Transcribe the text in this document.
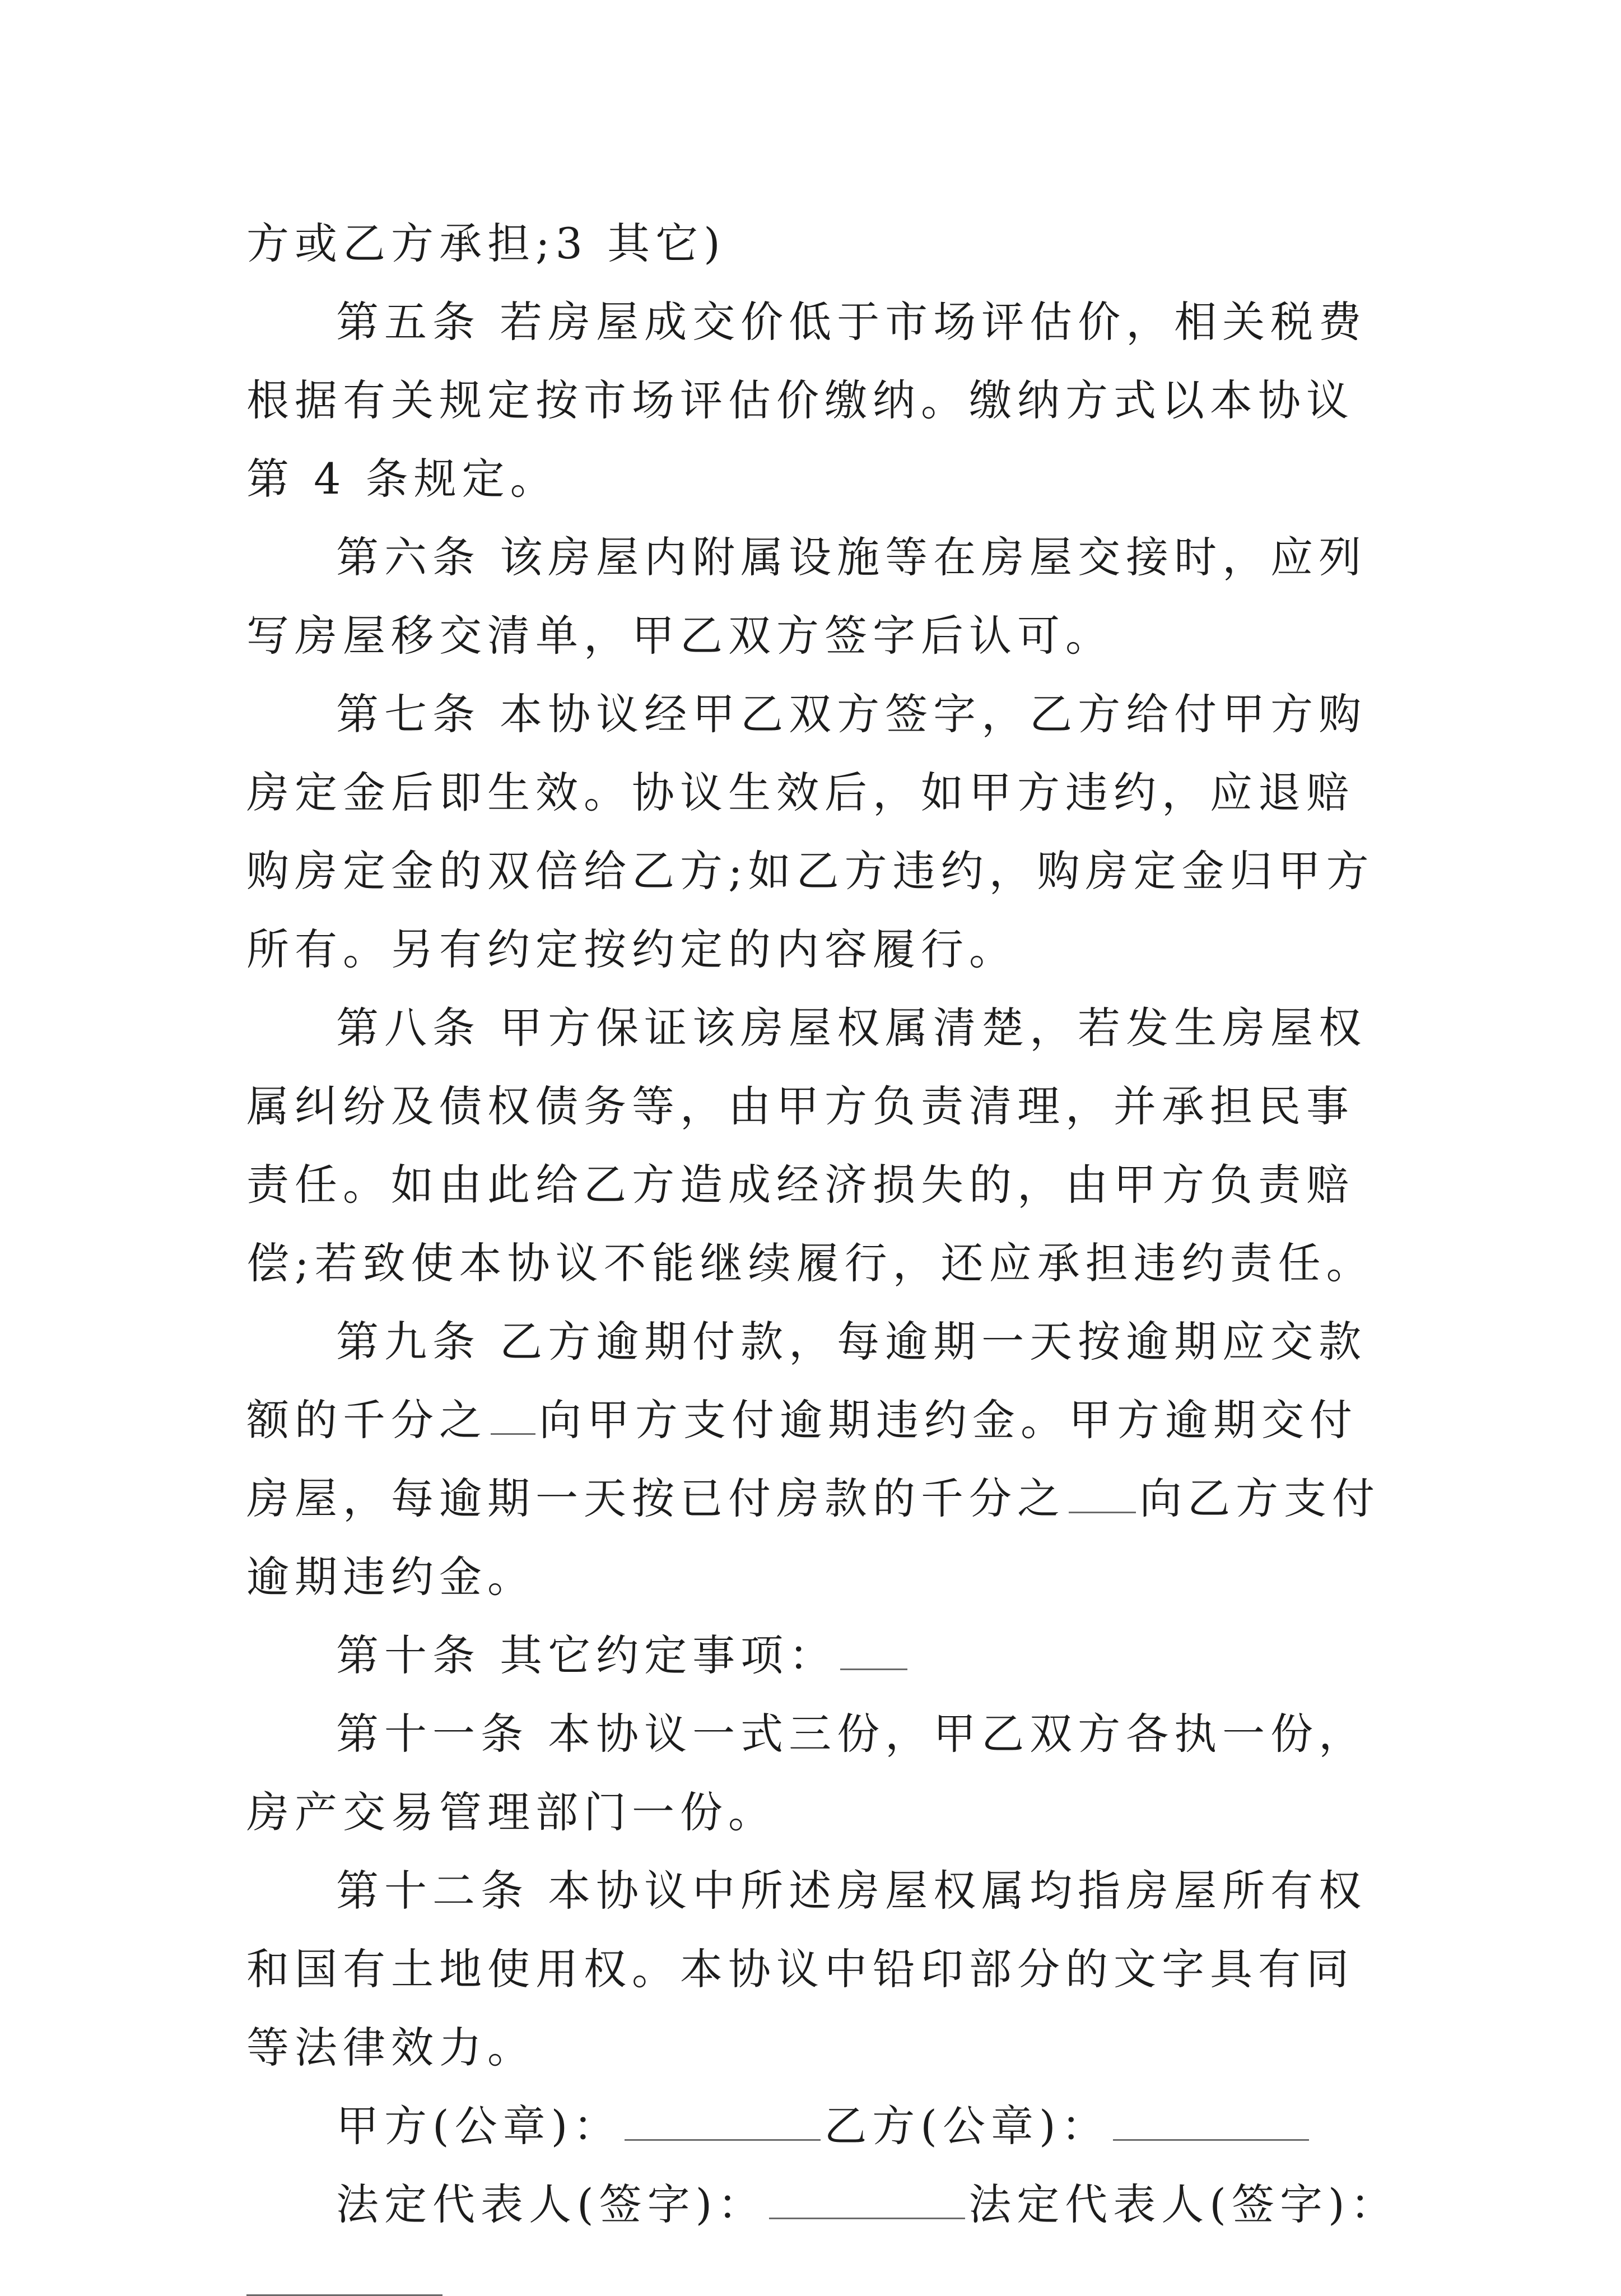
方或乙方承担;3 其它)

第五条 若房屋成交价低于市场评估价，相关税费根据有关规定按市场评估价缴纳。缴纳方式以本协议第 4 条规定。

第六条 该房屋内附属设施等在房屋交接时，应列写房屋移交清单，甲乙双方签字后认可。

第七条 本协议经甲乙双方签字，乙方给付甲方购房定金后即生效。协议生效后，如甲方违约，应退赔购房定金的双倍给乙方;如乙方违约，购房定金归甲方所有。另有约定按约定的内容履行。

第八条 甲方保证该房屋权属清楚，若发生房屋权属纠纷及债权债务等，由甲方负责清理，并承担民事责任。如由此给乙方造成经济损失的，由甲方负责赔偿;若致使本协议不能继续履行，还应承担违约责任。

第九条 乙方逾期付款，每逾期一天按逾期应交款额的千分之 向甲方支付逾期违约金。甲方逾期交付房屋，每逾期一天按已付房款的千分之 向乙方支付逾期违约金。

第十条 其它约定事项：

第十一条 本协议一式三份，甲乙双方各执一份，房产交易管理部门一份。

第十二条 本协议中所述房屋权属均指房屋所有权和国有土地使用权。本协议中铅印部分的文字具有同等法律效力。

甲方(公章)：	乙方(公章)：
法定代表人(签字)：	法定代表人(签字)：
